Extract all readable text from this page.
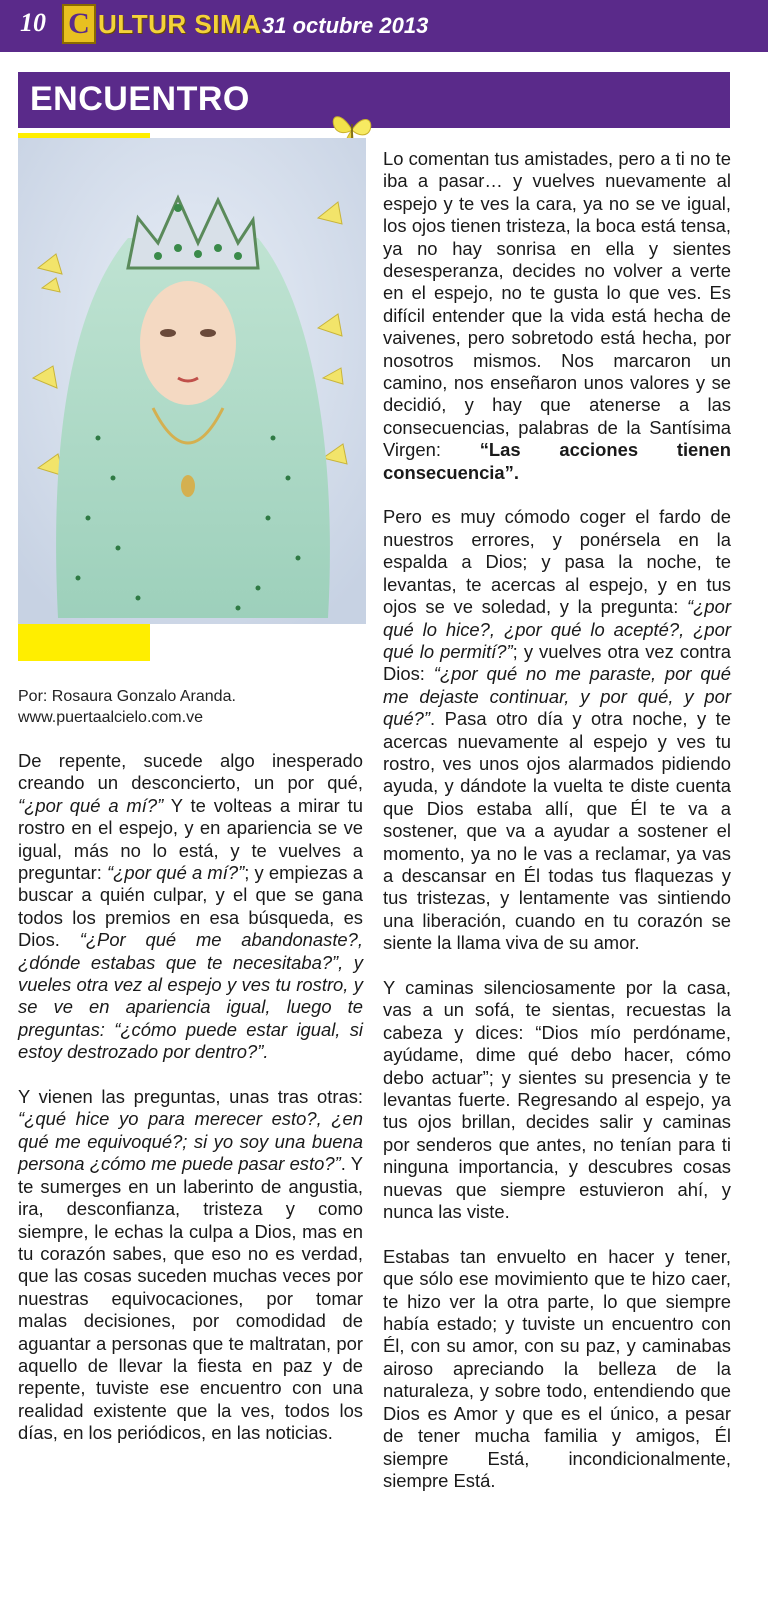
10 C ULTUR SIMA 31 octubre 2013
ENCUENTRO
Por: Rosaura Gonzalo Aranda.
www.puertaalcielo.com.ve

De repente, sucede algo inesperado creando un desconcierto, un por qué, “¿por qué a mí?” Y te volteas a mirar tu rostro en el espejo, y en apariencia se ve igual, más no lo está, y te vuelves a preguntar: “¿por qué a mí?”; y empiezas a buscar a quién culpar, y el que se gana todos los premios en esa búsqueda, es Dios. “¿Por qué me abandonaste?, ¿dónde estabas que te necesitaba?”, y vueles otra vez al espejo y ves tu rostro, y se ve en apariencia igual, luego te preguntas: “¿cómo puede estar igual, si estoy destrozado por dentro?”.

Y vienen las preguntas, unas tras otras: “¿qué hice yo para merecer esto?, ¿en qué me equivoqué?; si yo soy una buena persona ¿cómo me puede pasar esto?”. Y te sumerges en un laberinto de angustia, ira, desconfianza, tristeza y como siempre, le echas la culpa a Dios, mas en tu corazón sabes, que eso no es verdad, que las cosas suceden muchas veces por nuestras equivocaciones, por tomar malas decisiones, por comodidad de aguantar a personas que te maltratan, por aquello de llevar la fiesta en paz y de repente, tuviste ese encuentro con una realidad existente que la ves, todos los días, en los periódicos, en las noticias.

Lo comentan tus amistades, pero a ti no te iba a pasar… y vuelves nuevamente al espejo y te ves la cara, ya no se ve igual, los ojos tienen tristeza, la boca está tensa, ya no hay sonrisa en ella y sientes desesperanza, decides no volver a verte en el espejo, no te gusta lo que ves. Es difícil entender que la vida está hecha de vaivenes, pero sobretodo está hecha, por nosotros mismos. Nos marcaron un camino, nos enseñaron unos valores y se decidió, y hay que atenerse a las consecuencias, palabras de la Santísima Virgen: “Las acciones tienen consecuencia”.

Pero es muy cómodo coger el fardo de nuestros errores, y ponérsela en la espalda a Dios; y pasa la noche, te levantas, te acercas al espejo, y en tus ojos se ve soledad, y la pregunta: “¿por qué lo hice?, ¿por qué lo acepté?, ¿por qué lo permití?”; y vuelves otra vez contra Dios: “¿por qué no me paraste, por qué me dejaste continuar, y por qué, y por qué?”. Pasa otro día y otra noche, y te acercas nuevamente al espejo y ves tu rostro, ves unos ojos alarmados pidiendo ayuda, y dándote la vuelta te diste cuenta que Dios estaba allí, que Él te va a sostener, que va a ayudar a sostener el momento, ya no le vas a reclamar, ya vas a descansar en Él todas tus flaquezas y tus tristezas, y lentamente vas sintiendo una liberación, cuando en tu corazón se siente la llama viva de su amor.

Y caminas silenciosamente por la casa, vas a un sofá, te sientas, recuestas la cabeza y dices: “Dios mío perdóname, ayúdame, dime qué debo hacer, cómo debo actuar”; y sientes su presencia y te levantas fuerte. Regresando al espejo, ya tus ojos brillan, decides salir y caminas por senderos que antes, no tenían para ti ninguna importancia, y descubres cosas nuevas que siempre estuvieron ahí, y nunca las viste.

Estabas tan envuelto en hacer y tener, que sólo ese movimiento que te hizo caer, te hizo ver la otra parte, lo que siempre había estado; y tuviste un encuentro con Él, con su amor, con su paz, y caminabas airoso apreciando la belleza de la naturaleza, y sobre todo, entendiendo que Dios es Amor y que es el único, a pesar de tener mucha familia y amigos, Él siempre Está, incondicionalmente, siempre Está.
